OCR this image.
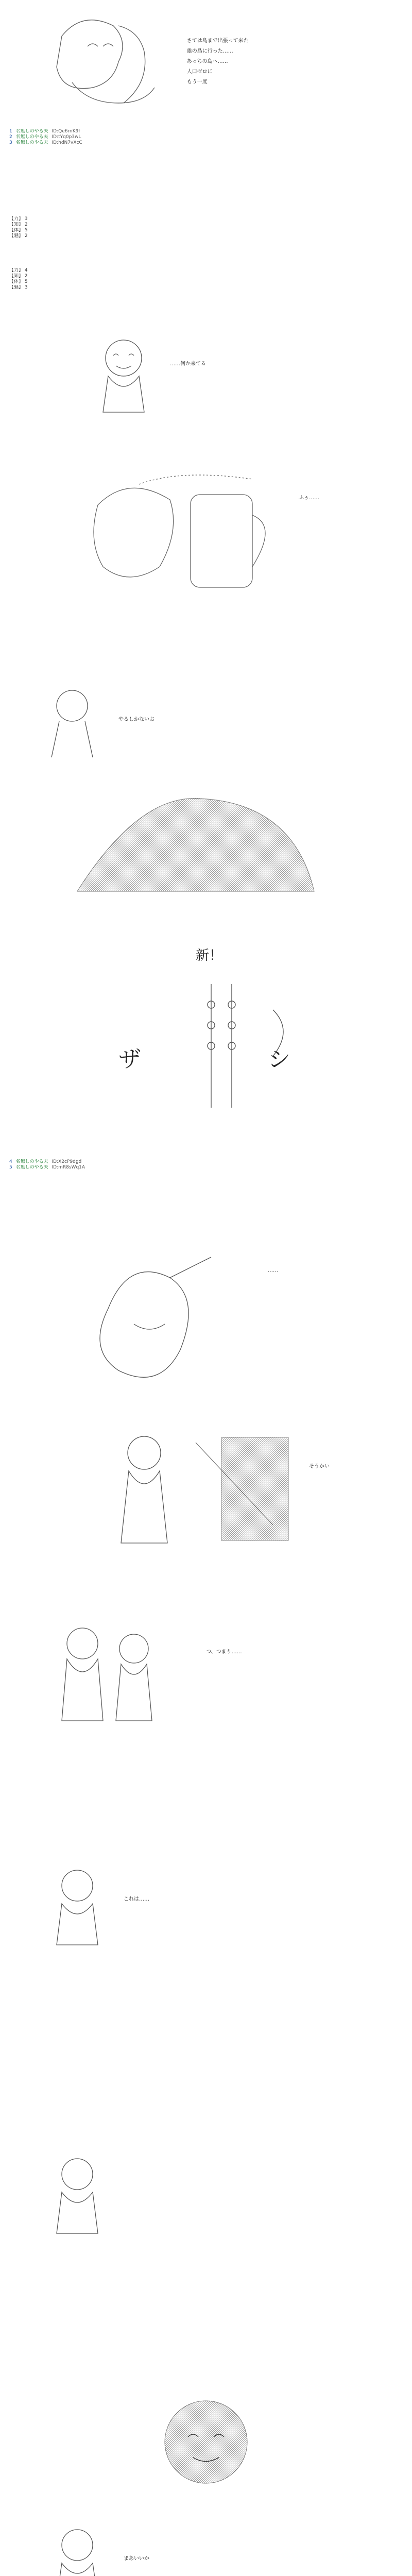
さては島まで出張って来た

雄の島に行った……

あっちの島へ……

人口ゼロに

もう一度

1 名無しのやる夫 ID:Qe6rnK9f
2 名無しのやる夫 ID:tYq0p3wL
3 名無しのやる夫 ID:hdN7vXcC
【力】 3
【知】 2
【体】 5
【魅】 2
【力】 4
【知】 2
【体】 5
【魅】 3
……何か来てる
ふぅ……
やるしかないお
新！
ザ	シ
4 名無しのやる夫 ID:X2cP9dgd
5 名無しのやる夫 ID:mR8sWq1A
……
そうかい
つ、つまり……
これは……
まあいいか
